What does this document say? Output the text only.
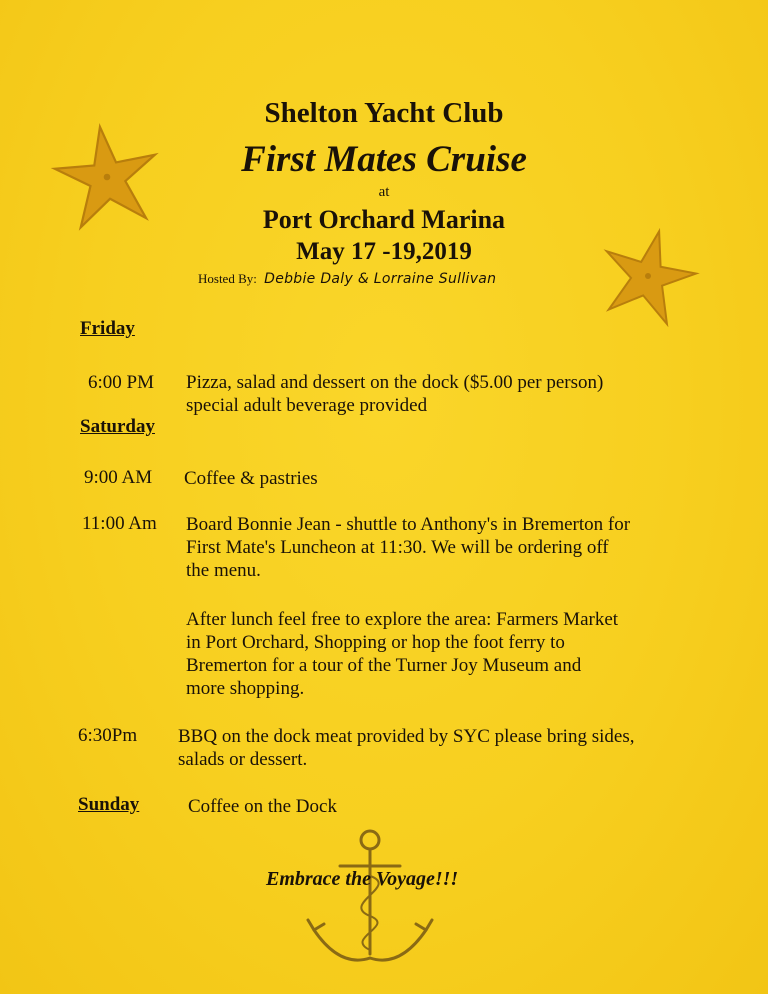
Shelton Yacht Club
First Mates Cruise
at
Port Orchard Marina
May 17 -19,2019
Hosted By: Debbie Daly & Lorraine Sullivan
Friday
6:00 PM Pizza, salad and dessert on the dock ($5.00 per person)
special adult beverage provided
Saturday
9:00 AM Coffee & pastries
11:00 Am Board Bonnie Jean - shuttle to Anthony's in Bremerton for
First Mate's Luncheon at 11:30. We will be ordering off
the menu.
After lunch feel free to explore the area: Farmers Market
in Port Orchard, Shopping or hop the foot ferry to
Bremerton for a tour of the Turner Joy Museum and
more shopping.
6:30Pm BBQ on the dock meat provided by SYC please bring sides,
salads or dessert.
Sunday	Coffee on the Dock
Embrace the Voyage!!!
